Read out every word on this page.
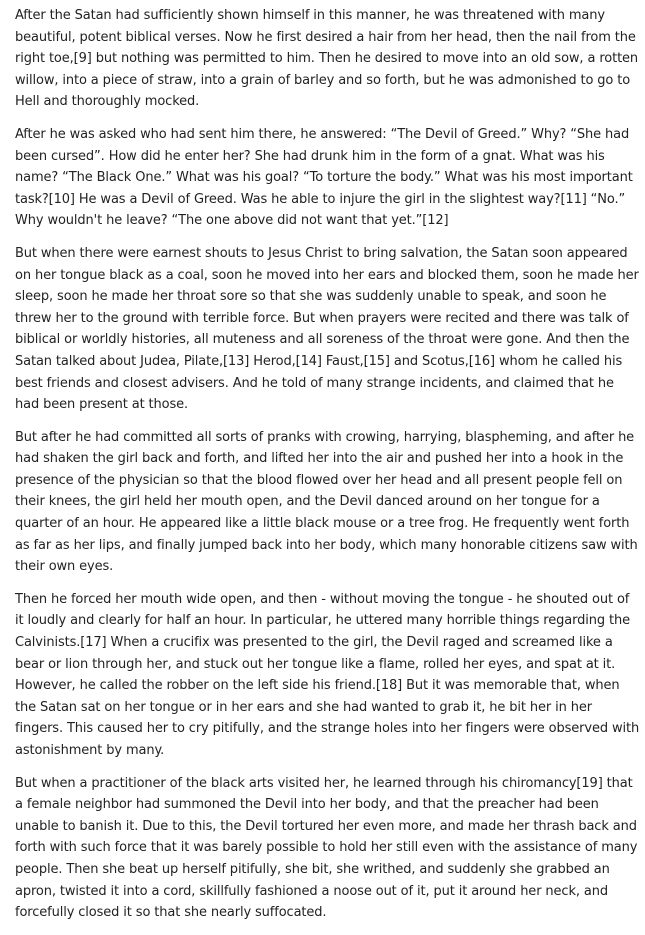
After the Satan had sufficiently shown himself in this manner, he was threatened with many beautiful, potent biblical verses. Now he first desired a hair from her head, then the nail from the right toe,[9] but nothing was permitted to him. Then he desired to move into an old sow, a rotten willow, into a piece of straw, into a grain of barley and so forth, but he was admonished to go to Hell and thoroughly mocked.

After he was asked who had sent him there, he answered: “The Devil of Greed.” Why? “She had been cursed”. How did he enter her? She had drunk him in the form of a gnat. What was his name? “The Black One.” What was his goal? “To torture the body.” What was his most important task?[10] He was a Devil of Greed. Was he able to injure the girl in the slightest way?[11] “No.” Why wouldn't he leave? “The one above did not want that yet.”[12]

But when there were earnest shouts to Jesus Christ to bring salvation, the Satan soon appeared on her tongue black as a coal, soon he moved into her ears and blocked them, soon he made her sleep, soon he made her throat sore so that she was suddenly unable to speak, and soon he threw her to the ground with terrible force. But when prayers were recited and there was talk of biblical or worldly histories, all muteness and all soreness of the throat were gone. And then the Satan talked about Judea, Pilate,[13] Herod,[14] Faust,[15] and Scotus,[16] whom he called his best friends and closest advisers. And he told of many strange incidents, and claimed that he had been present at those.

But after he had committed all sorts of pranks with crowing, harrying, blaspheming, and after he had shaken the girl back and forth, and lifted her into the air and pushed her into a hook in the presence of the physician so that the blood flowed over her head and all present people fell on their knees, the girl held her mouth open, and the Devil danced around on her tongue for a quarter of an hour. He appeared like a little black mouse or a tree frog. He frequently went forth as far as her lips, and finally jumped back into her body, which many honorable citizens saw with their own eyes.

Then he forced her mouth wide open, and then - without moving the tongue - he shouted out of it loudly and clearly for half an hour. In particular, he uttered many horrible things regarding the Calvinists.[17] When a crucifix was presented to the girl, the Devil raged and screamed like a bear or lion through her, and stuck out her tongue like a flame, rolled her eyes, and spat at it. However, he called the robber on the left side his friend.[18] But it was memorable that, when the Satan sat on her tongue or in her ears and she had wanted to grab it, he bit her in her fingers. This caused her to cry pitifully, and the strange holes into her fingers were observed with astonishment by many.

But when a practitioner of the black arts visited her, he learned through his chiromancy[19] that a female neighbor had summoned the Devil into her body, and that the preacher had been unable to banish it. Due to this, the Devil tortured her even more, and made her thrash back and forth with such force that it was barely possible to hold her still even with the assistance of many people. Then she beat up herself pitifully, she bit, she writhed, and suddenly she grabbed an apron, twisted it into a cord, skillfully fashioned a noose out of it, put it around her neck, and forcefully closed it so that she nearly suffocated.
